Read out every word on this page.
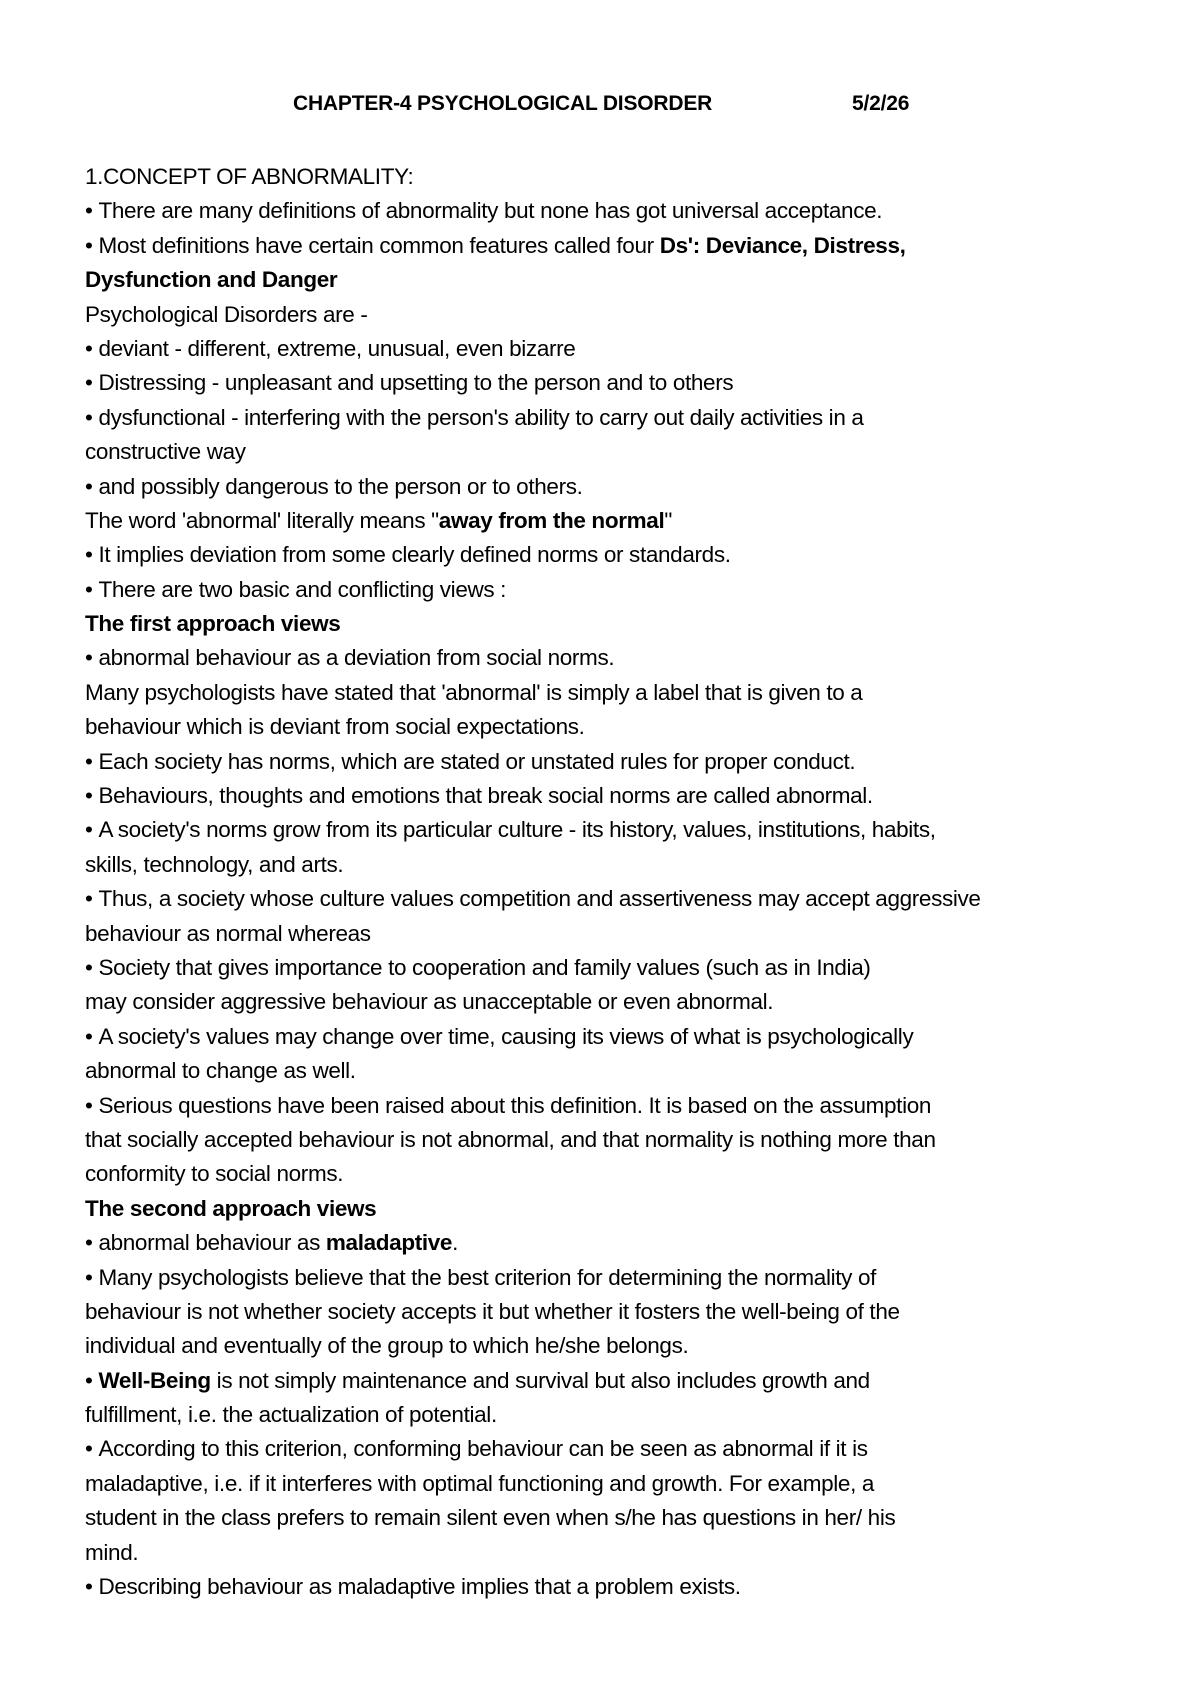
CHAPTER-4 PSYCHOLOGICAL DISORDER	5/2/26
1.CONCEPT OF ABNORMALITY:
• There are many definitions of abnormality but none has got universal acceptance.
• Most definitions have certain common features called four Ds': Deviance, Distress,
Dysfunction and Danger
Psychological Disorders are -
• deviant - different, extreme, unusual, even bizarre
• Distressing - unpleasant and upsetting to the person and to others
• dysfunctional - interfering with the person's ability to carry out daily activities in a
constructive way
• and possibly dangerous to the person or to others.
The word 'abnormal' literally means "away from the normal"
• It implies deviation from some clearly defined norms or standards.
• There are two basic and conflicting views :
The first approach views
• abnormal behaviour as a deviation from social norms.
Many psychologists have stated that 'abnormal' is simply a label that is given to a
behaviour which is deviant from social expectations.
• Each society has norms, which are stated or unstated rules for proper conduct.
• Behaviours, thoughts and emotions that break social norms are called abnormal.
• A society's norms grow from its particular culture - its history, values, institutions, habits,
skills, technology, and arts.
• Thus, a society whose culture values competition and assertiveness may accept aggressive
behaviour as normal whereas
• Society that gives importance to cooperation and family values (such as in India)
may consider aggressive behaviour as unacceptable or even abnormal.
• A society's values may change over time, causing its views of what is psychologically
abnormal to change as well.
• Serious questions have been raised about this definition. It is based on the assumption
that socially accepted behaviour is not abnormal, and that normality is nothing more than
conformity to social norms.
The second approach views
• abnormal behaviour as maladaptive.
• Many psychologists believe that the best criterion for determining the normality of
behaviour is not whether society accepts it but whether it fosters the well-being of the
individual and eventually of the group to which he/she belongs.
• Well-Being is not simply maintenance and survival but also includes growth and
fulfillment, i.e. the actualization of potential.
• According to this criterion, conforming behaviour can be seen as abnormal if it is
maladaptive, i.e. if it interferes with optimal functioning and growth. For example, a
student in the class prefers to remain silent even when s/he has questions in her/ his
mind.
• Describing behaviour as maladaptive implies that a problem exists.
